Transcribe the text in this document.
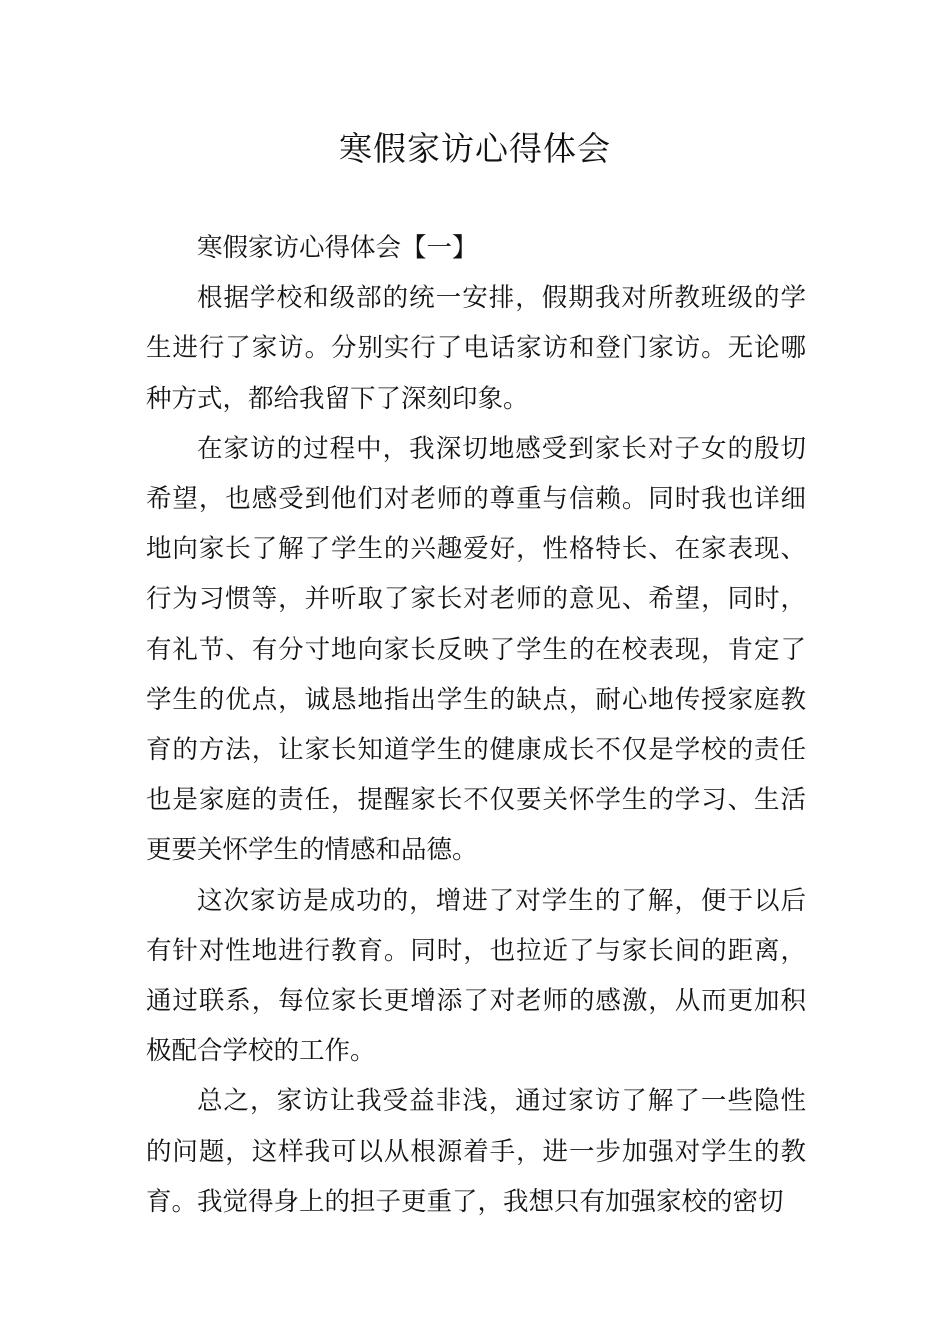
寒假家访心得体会

寒假家访心得体会【一】

根据学校和级部的统一安排，假期我对所教班级的学生进行了家访。分别实行了电话家访和登门家访。无论哪种方式，都给我留下了深刻印象。

在家访的过程中，我深切地感受到家长对子女的殷切希望，也感受到他们对老师的尊重与信赖。同时我也详细地向家长了解了学生的兴趣爱好，性格特长、在家表现、行为习惯等，并听取了家长对老师的意见、希望，同时，有礼节、有分寸地向家长反映了学生的在校表现，肯定了学生的优点，诚恳地指出学生的缺点，耐心地传授家庭教育的方法，让家长知道学生的健康成长不仅是学校的责任也是家庭的责任，提醒家长不仅要关怀学生的学习、生活更要关怀学生的情感和品德。

这次家访是成功的，增进了对学生的了解，便于以后有针对性地进行教育。同时，也拉近了与家长间的距离，通过联系，每位家长更增添了对老师的感激，从而更加积极配合学校的工作。

总之，家访让我受益非浅，通过家访了解了一些隐性的问题，这样我可以从根源着手，进一步加强对学生的教育。我觉得身上的担子更重了，我想只有加强家校的密切
